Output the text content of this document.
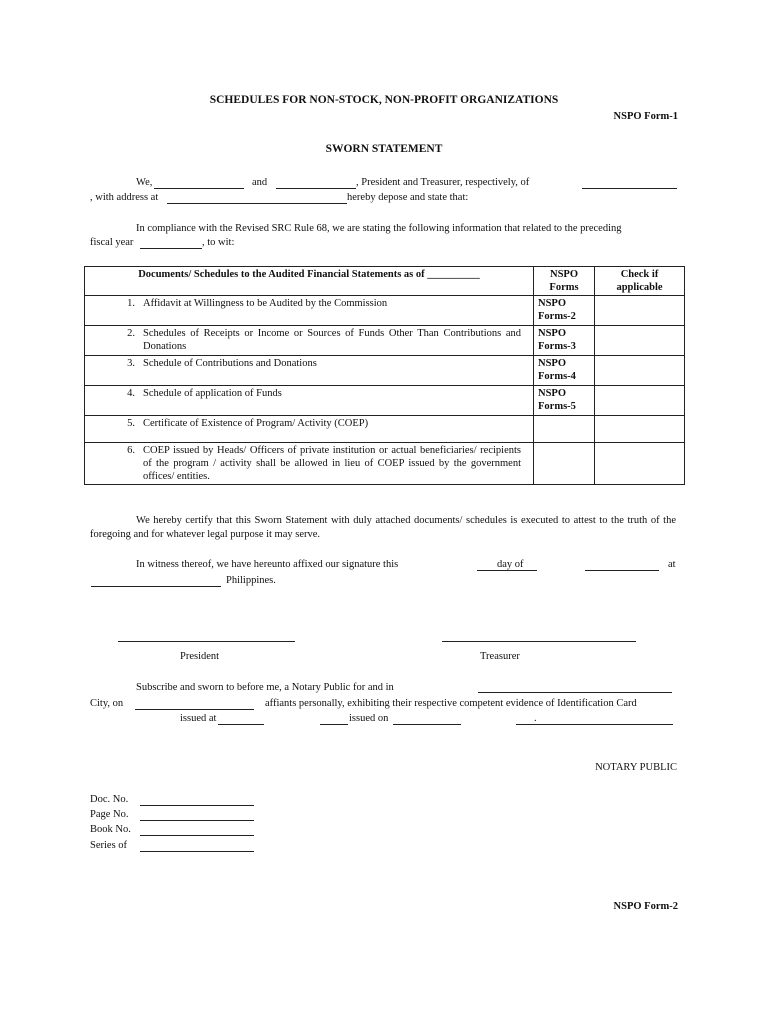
SCHEDULES FOR NON-STOCK, NON-PROFIT ORGANIZATIONS
NSPO Form-1
SWORN STATEMENT
We,	and	, President and Treasurer, respectively, of
, with address at	hereby depose and state that:
In compliance with the Revised SRC Rule 68, we are stating the following information that related to the preceding
fiscal year	, to wit:
Documents/ Schedules to the Audited Financial Statements as of __________	NSPO Forms	Check if applicable
1. Affidavit at Willingness to be Audited by the Commission	NSPO Forms-2	
2. Schedules of Receipts or Income or Sources of Funds Other Than Contributions and Donations	NSPO Forms-3	
3. Schedule of Contributions and Donations	NSPO Forms-4	
4. Schedule of application of Funds	NSPO Forms-5	
5. Certificate of Existence of Program/ Activity (COEP)		
6. COEP issued by Heads/ Officers of private institution or actual beneficiaries/ recipients of the program / activity shall be allowed in lieu of COEP issued by the government offices/ entities.		
We hereby certify that this Sworn Statement with duly attached documents/ schedules is executed to attest to the truth of the foregoing and for whatever legal purpose it may serve.
In witness thereof, we have hereunto affixed our signature this	day of	at
Philippines.
President	Treasurer
Subscribe and sworn to before me, a Notary Public for and in
City, on	affiants personally, exhibiting their respective competent evidence of Identification Card
issued at	issued on	.
NOTARY PUBLIC
Doc. No.
Page No.
Book No.
Series of
NSPO Form-2
